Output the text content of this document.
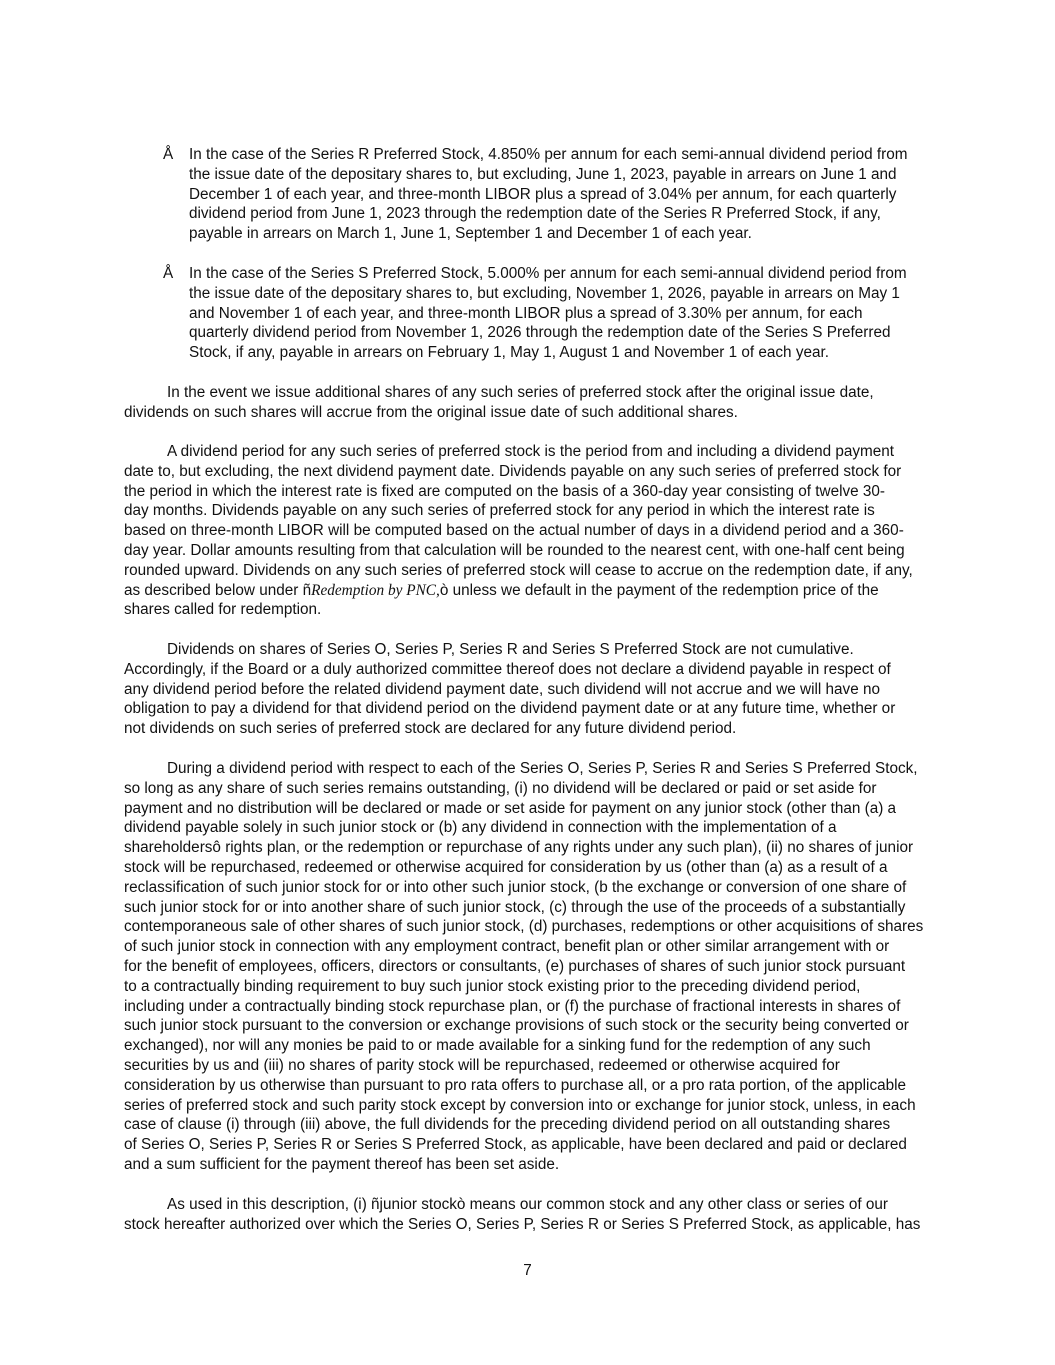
Å In the case of the Series R Preferred Stock, 4.850% per annum for each semi-annual dividend period from
the issue date of the depositary shares to, but excluding, June 1, 2023, payable in arrears on June 1 and
December 1 of each year, and three-month LIBOR plus a spread of 3.04% per annum, for each quarterly
dividend period from June 1, 2023 through the redemption date of the Series R Preferred Stock, if any,
payable in arrears on March 1, June 1, September 1 and December 1 of each year.
Å In the case of the Series S Preferred Stock, 5.000% per annum for each semi-annual dividend period from
the issue date of the depositary shares to, but excluding, November 1, 2026, payable in arrears on May 1
and November 1 of each year, and three-month LIBOR plus a spread of 3.30% per annum, for each
quarterly dividend period from November 1, 2026 through the redemption date of the Series S Preferred
Stock, if any, payable in arrears on February 1, May 1, August 1 and November 1 of each year.
In the event we issue additional shares of any such series of preferred stock after the original issue date,
dividends on such shares will accrue from the original issue date of such additional shares.
A dividend period for any such series of preferred stock is the period from and including a dividend payment
date to, but excluding, the next dividend payment date. Dividends payable on any such series of preferred stock for
the period in which the interest rate is fixed are computed on the basis of a 360-day year consisting of twelve 30-
day months. Dividends payable on any such series of preferred stock for any period in which the interest rate is
based on three-month LIBOR will be computed based on the actual number of days in a dividend period and a 360-
day year. Dollar amounts resulting from that calculation will be rounded to the nearest cent, with one-half cent being
rounded upward. Dividends on any such series of preferred stock will cease to accrue on the redemption date, if any,
as described below under ñRedemption by PNC,ò unless we default in the payment of the redemption price of the
shares called for redemption.
Dividends on shares of Series O, Series P, Series R and Series S Preferred Stock are not cumulative.
Accordingly, if the Board or a duly authorized committee thereof does not declare a dividend payable in respect of
any dividend period before the related dividend payment date, such dividend will not accrue and we will have no
obligation to pay a dividend for that dividend period on the dividend payment date or at any future time, whether or
not dividends on such series of preferred stock are declared for any future dividend period.
During a dividend period with respect to each of the Series O, Series P, Series R and Series S Preferred Stock,
so long as any share of such series remains outstanding, (i) no dividend will be declared or paid or set aside for
payment and no distribution will be declared or made or set aside for payment on any junior stock (other than (a) a
dividend payable solely in such junior stock or (b) any dividend in connection with the implementation of a
shareholdersô rights plan, or the redemption or repurchase of any rights under any such plan), (ii) no shares of junior
stock will be repurchased, redeemed or otherwise acquired for consideration by us (other than (a) as a result of a
reclassification of such junior stock for or into other such junior stock, (b the exchange or conversion of one share of
such junior stock for or into another share of such junior stock, (c) through the use of the proceeds of a substantially
contemporaneous sale of other shares of such junior stock, (d) purchases, redemptions or other acquisitions of shares
of such junior stock in connection with any employment contract, benefit plan or other similar arrangement with or
for the benefit of employees, officers, directors or consultants, (e) purchases of shares of such junior stock pursuant
to a contractually binding requirement to buy such junior stock existing prior to the preceding dividend period,
including under a contractually binding stock repurchase plan, or (f) the purchase of fractional interests in shares of
such junior stock pursuant to the conversion or exchange provisions of such stock or the security being converted or
exchanged), nor will any monies be paid to or made available for a sinking fund for the redemption of any such
securities by us and (iii) no shares of parity stock will be repurchased, redeemed or otherwise acquired for
consideration by us otherwise than pursuant to pro rata offers to purchase all, or a pro rata portion, of the applicable
series of preferred stock and such parity stock except by conversion into or exchange for junior stock, unless, in each
case of clause (i) through (iii) above, the full dividends for the preceding dividend period on all outstanding shares
of Series O, Series P, Series R or Series S Preferred Stock, as applicable, have been declared and paid or declared
and a sum sufficient for the payment thereof has been set aside.
As used in this description, (i) ñjunior stockò means our common stock and any other class or series of our
stock hereafter authorized over which the Series O, Series P, Series R or Series S Preferred Stock, as applicable, has
7
